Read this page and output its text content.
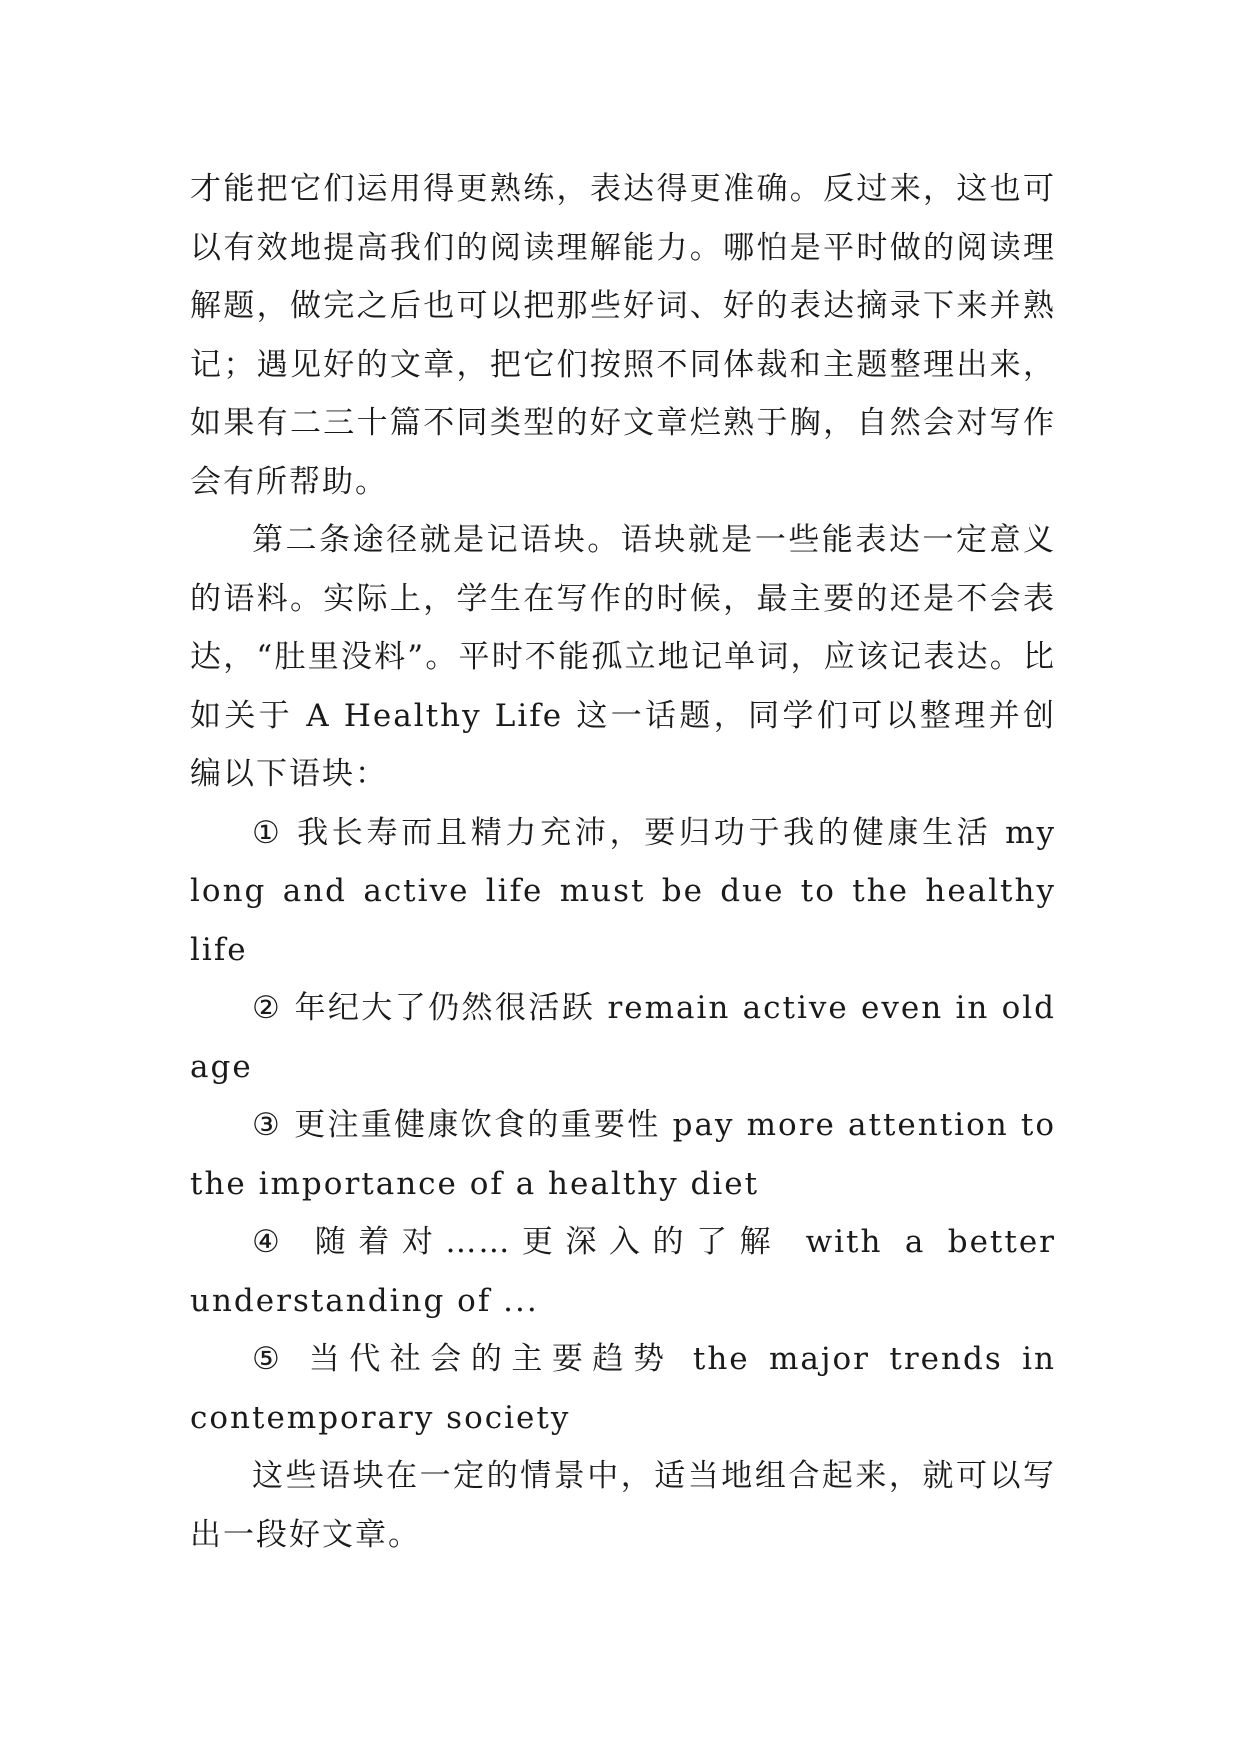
才能把它们运用得更熟练，表达得更准确。反过来，这也可以有效地提高我们的阅读理解能力。哪怕是平时做的阅读理解题，做完之后也可以把那些好词、好的表达摘录下来并熟记；遇见好的文章，把它们按照不同体裁和主题整理出来，如果有二三十篇不同类型的好文章烂熟于胸，自然会对写作会有所帮助。

第二条途径就是记语块。语块就是一些能表达一定意义的语料。实际上，学生在写作的时候，最主要的还是不会表达，“肚里没料”。平时不能孤立地记单词，应该记表达。比如关于 A Healthy Life 这一话题，同学们可以整理并创编以下语块：

① 我长寿而且精力充沛，要归功于我的健康生活 my long and active life must be due to the healthy life

② 年纪大了仍然很活跃 remain active even in old age

③ 更注重健康饮食的重要性 pay more attention to the importance of a healthy diet

④ 随着对……更深入的了解 with a better understanding of ...

⑤ 当代社会的主要趋势 the major trends in contemporary society

这些语块在一定的情景中，适当地组合起来，就可以写出一段好文章。
